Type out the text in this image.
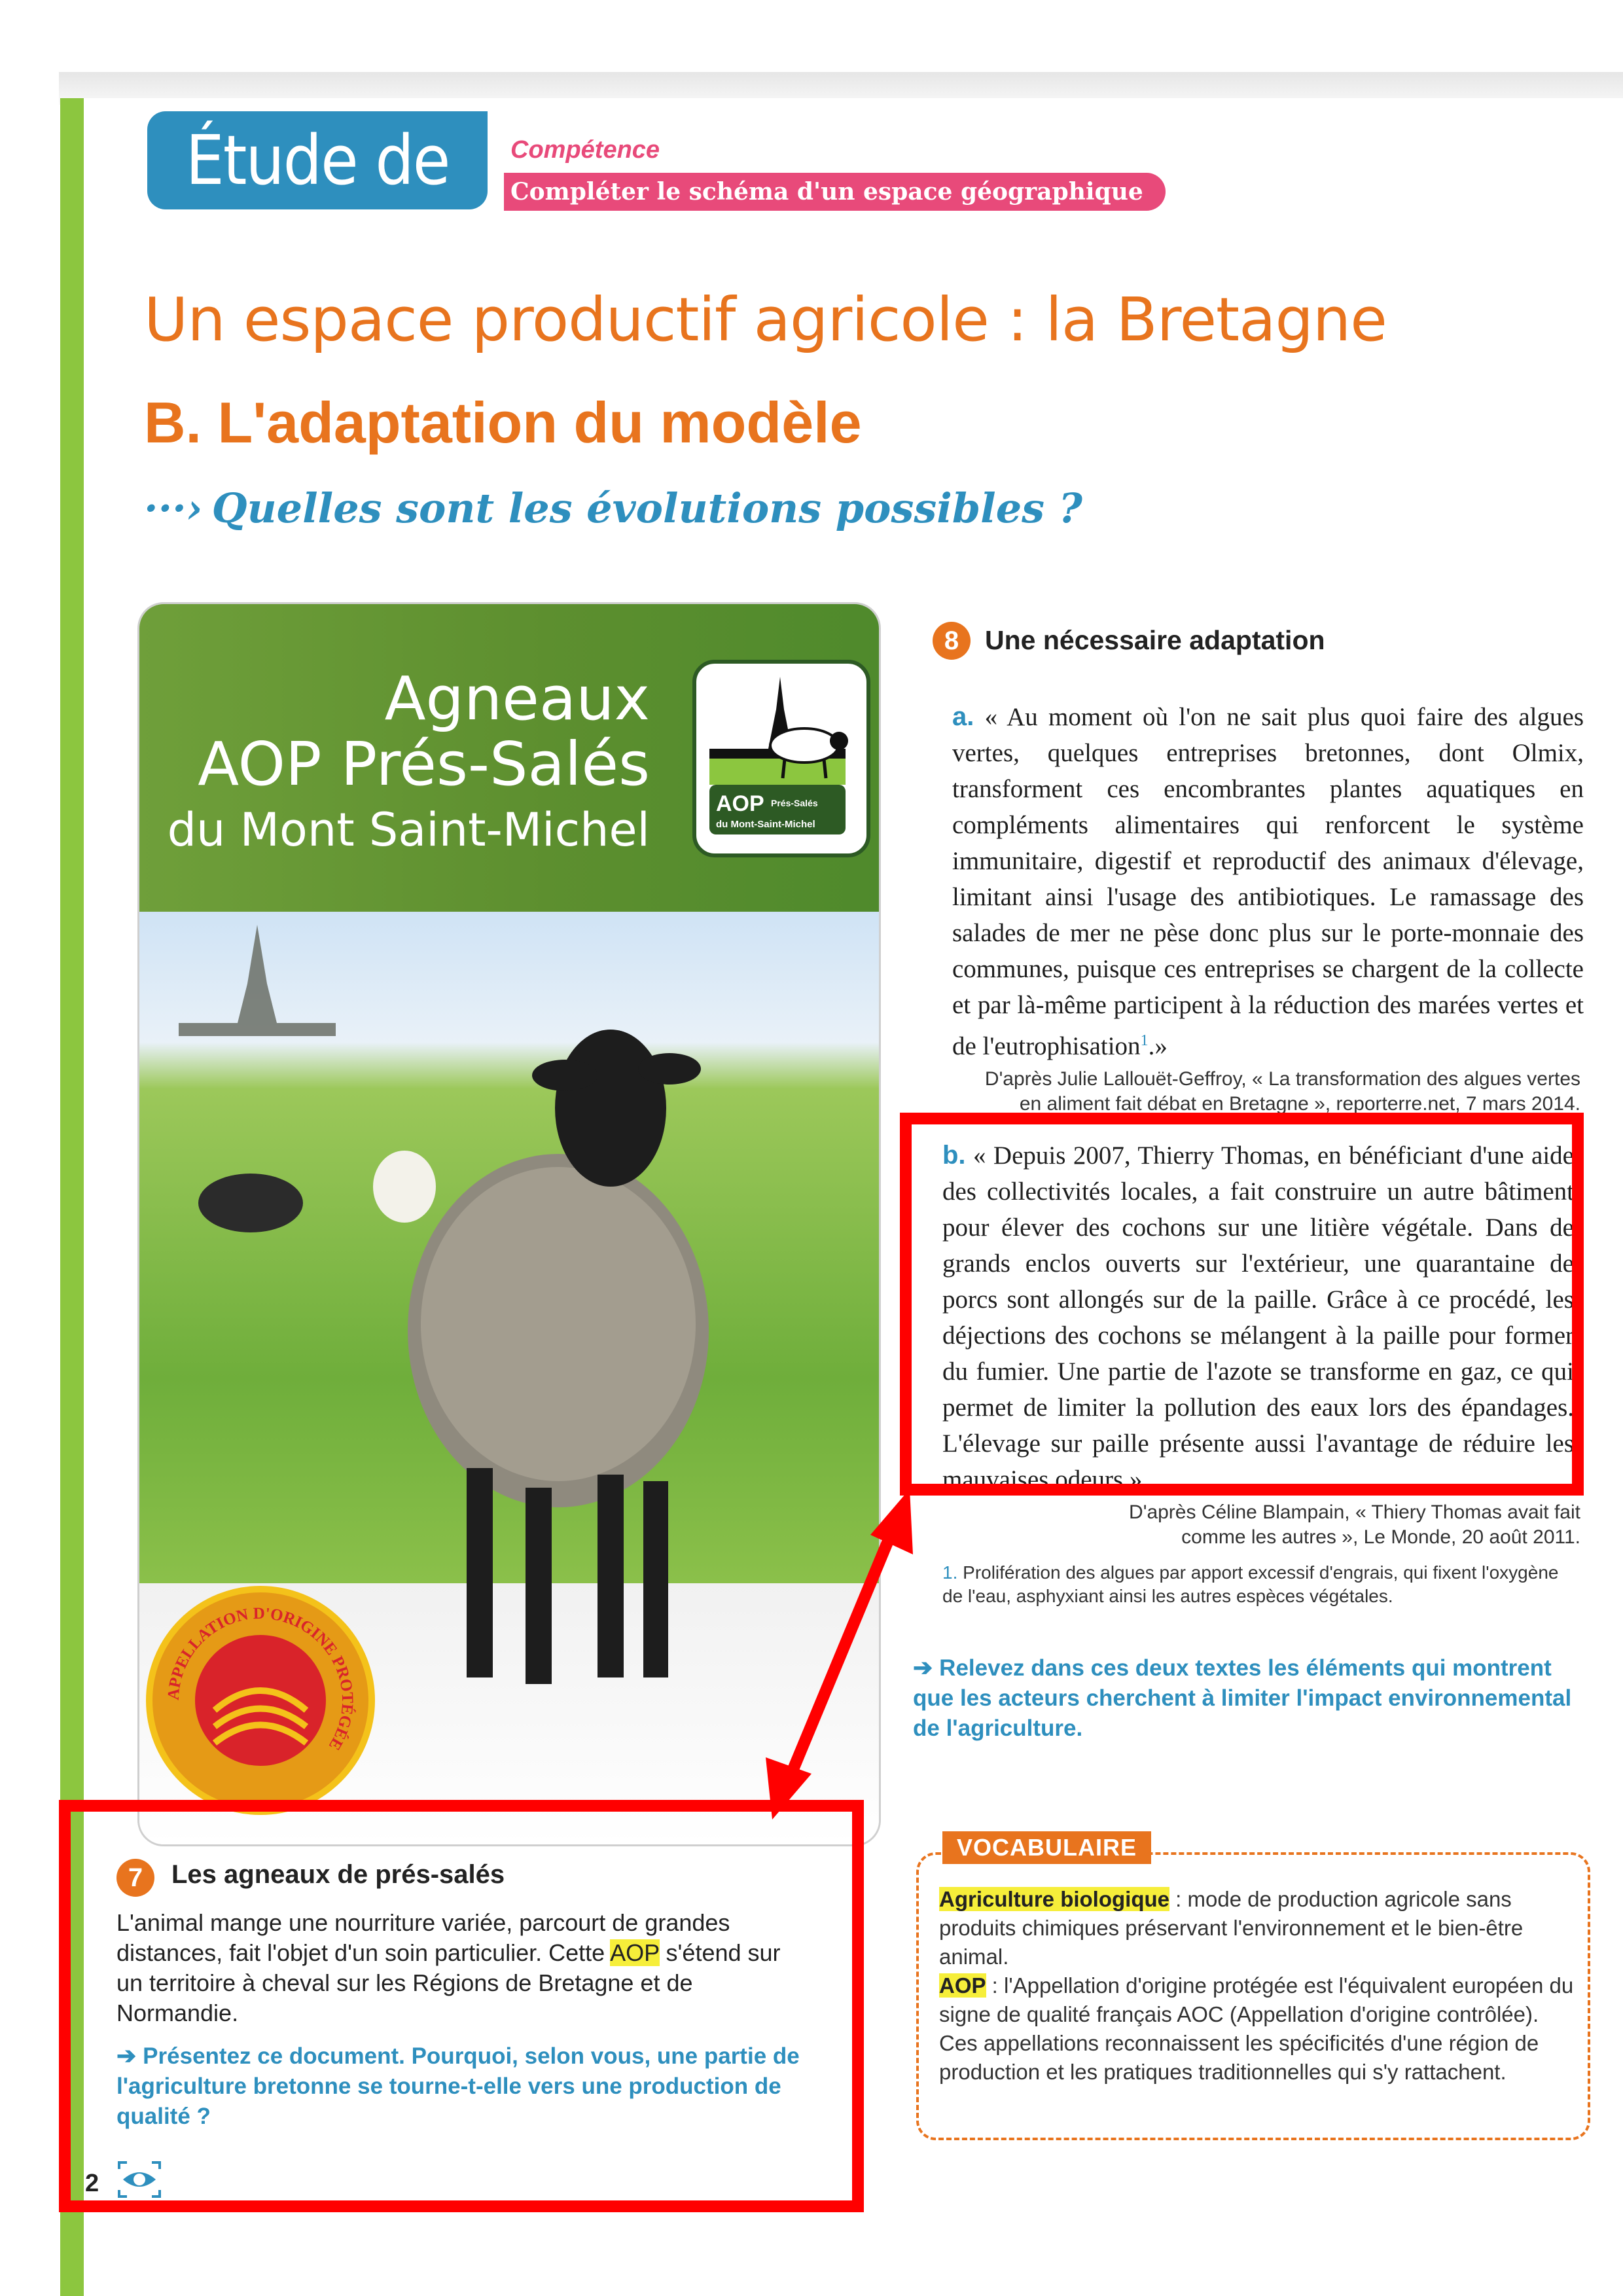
Étude de cas
Compétence
Compléter le schéma d'un espace géographique
Un espace productif agricole : la Bretagne
B. L'adaptation du modèle
···› Quelles sont les évolutions possibles ?
Agneaux
AOP Prés-Salés
du Mont Saint-Michel	AOP Prés-Salés
du Mont-Saint-Michel
APPELLATION D'ORIGINE PROTÉGÉE
7	Les agneaux de prés-salés
L'animal mange une nourriture variée, parcourt de grandes distances, fait l'objet d'un soin particulier. Cette AOP s'étend sur un territoire à cheval sur les Régions de Bretagne et de Normandie.
➔ Présentez ce document. Pourquoi, selon vous, une partie de l'agriculture bretonne se tourne-t-elle vers une production de qualité ?
2
8 Une nécessaire adaptation
a. « Au moment où l'on ne sait plus quoi faire des algues vertes, quelques entreprises bretonnes, dont Olmix, transforment ces encombrantes plantes aquatiques en compléments alimentaires qui renforcent le système immunitaire, digestif et reproductif des animaux d'élevage, limitant ainsi l'usage des antibiotiques. Le ramassage des salades de mer ne pèse donc plus sur le porte-monnaie des communes, puisque ces entreprises se chargent de la collecte et par là-même participent à la réduction des marées vertes et de l'eutrophisation$^1$.»
D'après Julie Lallouët-Geffroy, « La transformation des algues vertes
en aliment fait débat en Bretagne », reporterre.net, 7 mars 2014.
b. « Depuis 2007, Thierry Thomas, en bénéficiant d'une aide des collectivités locales, a fait construire un autre bâtiment pour élever des cochons sur une litière végétale. Dans de grands enclos ouverts sur l'extérieur, une quarantaine de porcs sont allongés sur de la paille. Grâce à ce procédé, les déjections des cochons se mélangent à la paille pour former du fumier. Une partie de l'azote se transforme en gaz, ce qui permet de limiter la pollution des eaux lors des épandages. L'élevage sur paille présente aussi l'avantage de réduire les mauvaises odeurs.»
D'après Céline Blampain, « Thiery Thomas avait fait
comme les autres », Le Monde, 20 août 2011.
1. Prolifération des algues par apport excessif d'engrais, qui fixent l'oxygène de l'eau, asphyxiant ainsi les autres espèces végétales.
➔ Relevez dans ces deux textes les éléments qui montrent que les acteurs cherchent à limiter l'impact environnemental de l'agriculture.
VOCABULAIRE

Agriculture biologique : mode de production agricole sans produits chimiques préservant l'environnement et le bien-être animal.

AOP : l'Appellation d'origine protégée est l'équivalent européen du signe de qualité français AOC (Appellation d'origine contrôlée). Ces appellations reconnaissent les spécificités d'une région de production et les pratiques traditionnelles qui s'y rattachent.
